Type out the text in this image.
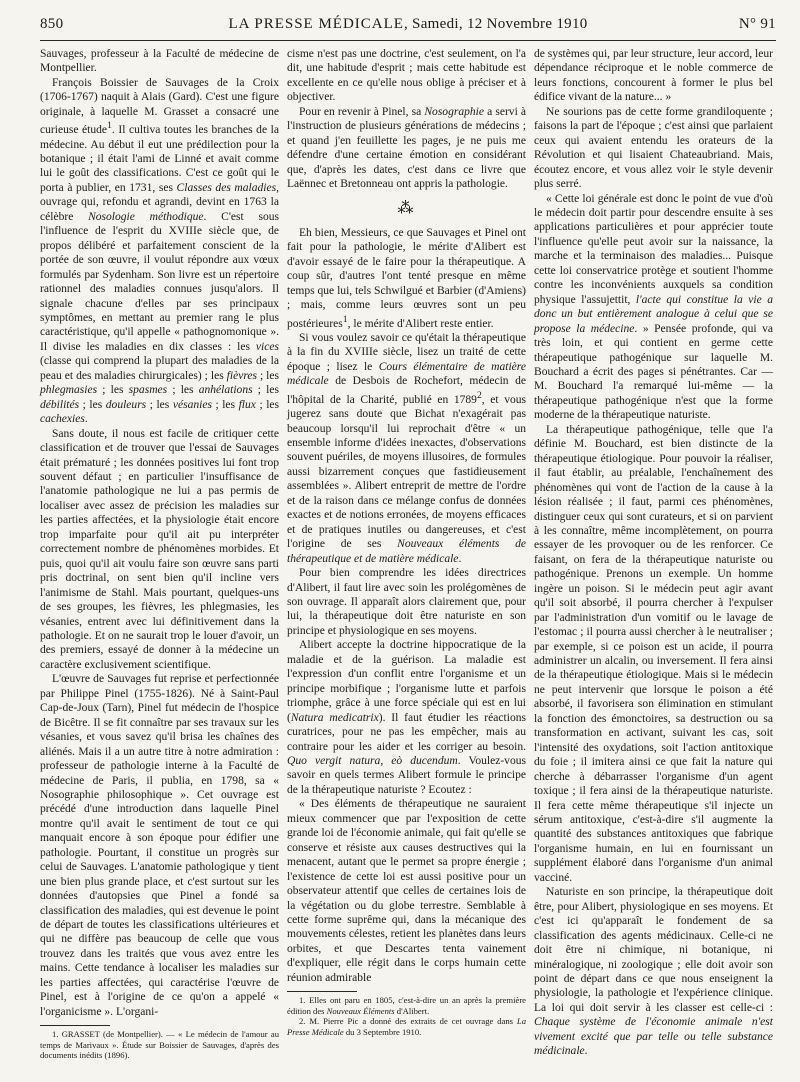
850	LA PRESSE MÉDICALE, Samedi, 12 Novembre 1910	N° 91

Sauvages, professeur à la Faculté de médecine de Montpellier.

François Boissier de Sauvages de la Croix (1706-1767) naquit à Alais (Gard). C'est une figure originale, à laquelle M. Grasset a consacré une curieuse étude$^1$. Il cultiva toutes les branches de la médecine. Au début il eut une prédilection pour la botanique ; il était l'ami de Linné et avait comme lui le goût des classifications. C'est ce goût qui le porta à publier, en 1731, ses Classes des maladies, ouvrage qui, refondu et agrandi, devint en 1763 la célèbre Nosologie méthodique. C'est sous l'influence de l'esprit du XVIIIe siècle que, de propos délibéré et parfaitement conscient de la portée de son œuvre, il voulut répondre aux vœux formulés par Sydenham. Son livre est un répertoire rationnel des maladies connues jusqu'alors. Il signale chacune d'elles par ses principaux symptômes, en mettant au premier rang le plus caractéristique, qu'il appelle « pathognomonique ». Il divise les maladies en dix classes : les vices (classe qui comprend la plupart des maladies de la peau et des maladies chirurgicales) ; les fièvres ; les phlegmasies ; les spasmes ; les anhélations ; les débilités ; les douleurs ; les vésanies ; les flux ; les cachexies.

Sans doute, il nous est facile de critiquer cette classification et de trouver que l'essai de Sauvages était prématuré ; les données positives lui font trop souvent défaut ; en particulier l'insuffisance de l'anatomie pathologique ne lui a pas permis de localiser avec assez de précision les maladies sur les parties affectées, et la physiologie était encore trop imparfaite pour qu'il ait pu interpréter correctement nombre de phénomènes morbides. Et puis, quoi qu'il ait voulu faire son œuvre sans parti pris doctrinal, on sent bien qu'il incline vers l'animisme de Stahl. Mais pourtant, quelques-uns de ses groupes, les fièvres, les phlegmasies, les vésanies, entrent avec lui définitivement dans la pathologie. Et on ne saurait trop le louer d'avoir, un des premiers, essayé de donner à la médecine un caractère exclusivement scientifique.

L'œuvre de Sauvages fut reprise et perfectionnée par Philippe Pinel (1755-1826). Né à Saint-Paul Cap-de-Joux (Tarn), Pinel fut médecin de l'hospice de Bicêtre. Il se fit connaître par ses travaux sur les vésanies, et vous savez qu'il brisa les chaînes des aliénés. Mais il a un autre titre à notre admiration : professeur de pathologie interne à la Faculté de médecine de Paris, il publia, en 1798, sa « Nosographie philosophique ». Cet ouvrage est précédé d'une introduction dans laquelle Pinel montre qu'il avait le sentiment de tout ce qui manquait encore à son époque pour édifier une pathologie. Pourtant, il constitue un progrès sur celui de Sauvages. L'anatomie pathologique y tient une bien plus grande place, et c'est surtout sur les données d'autopsies que Pinel a fondé sa classification des maladies, qui est devenue le point de départ de toutes les classifications ultérieures et qui ne diffère pas beaucoup de celle que vous trouvez dans les traités que vous avez entre les mains. Cette tendance à localiser les maladies sur les parties affectées, qui caractérise l'œuvre de Pinel, est à l'origine de ce qu'on a appelé « l'organicisme ». L'organi-

1. GRASSET (de Montpellier). — « Le médecin de l'amour au temps de Marivaux ». Étude sur Boissier de Sauvages, d'après des documents inédits (1896).

cisme n'est pas une doctrine, c'est seulement, on l'a dit, une habitude d'esprit ; mais cette habitude est excellente en ce qu'elle nous oblige à préciser et à objectiver.

Pour en revenir à Pinel, sa Nosographie a servi à l'instruction de plusieurs générations de médecins ; et quand j'en feuillette les pages, je ne puis me défendre d'une certaine émotion en considérant que, d'après les dates, c'est dans ce livre que Laënnec et Bretonneau ont appris la pathologie.

⁂

Eh bien, Messieurs, ce que Sauvages et Pinel ont fait pour la pathologie, le mérite d'Alibert est d'avoir essayé de le faire pour la thérapeutique. A coup sûr, d'autres l'ont tenté presque en même temps que lui, tels Schwilgué et Barbier (d'Amiens) ; mais, comme leurs œuvres sont un peu postérieures$^1$, le mérite d'Alibert reste entier.

Si vous voulez savoir ce qu'était la thérapeutique à la fin du XVIIIe siècle, lisez un traité de cette époque ; lisez le Cours élémentaire de matière médicale de Desbois de Rochefort, médecin de l'hôpital de la Charité, publié en 1789$^2$, et vous jugerez sans doute que Bichat n'exagérait pas beaucoup lorsqu'il lui reprochait d'être « un ensemble informe d'idées inexactes, d'observations souvent puériles, de moyens illusoires, de formules aussi bizarrement conçues que fastidieusement assemblées ». Alibert entreprit de mettre de l'ordre et de la raison dans ce mélange confus de données exactes et de notions erronées, de moyens efficaces et de pratiques inutiles ou dangereuses, et c'est l'origine de ses Nouveaux éléments de thérapeutique et de matière médicale.

Pour bien comprendre les idées directrices d'Alibert, il faut lire avec soin les prolégomènes de son ouvrage. Il apparaît alors clairement que, pour lui, la thérapeutique doit être naturiste en son principe et physiologique en ses moyens.

Alibert accepte la doctrine hippocratique de la maladie et de la guérison. La maladie est l'expression d'un conflit entre l'organisme et un principe morbifique ; l'organisme lutte et parfois triomphe, grâce à une force spéciale qui est en lui (Natura medicatrix). Il faut étudier les réactions curatrices, pour ne pas les empêcher, mais au contraire pour les aider et les corriger au besoin. Quo vergit natura, eò ducendum. Voulez-vous savoir en quels termes Alibert formule le principe de la thérapeutique naturiste ? Ecoutez :

« Des éléments de thérapeutique ne sauraient mieux commencer que par l'exposition de cette grande loi de l'économie animale, qui fait qu'elle se conserve et résiste aux causes destructives qui la menacent, autant que le permet sa propre énergie ; l'existence de cette loi est aussi positive pour un observateur attentif que celles de certaines lois de la végétation ou du globe terrestre. Semblable à cette forme suprême qui, dans la mécanique des mouvements célestes, retient les planètes dans leurs orbites, et que Descartes tenta vainement d'expliquer, elle régit dans le corps humain cette réunion admirable

1. Elles ont paru en 1805, c'est-à-dire un an après la première édition des Nouveaux Éléments d'Alibert.

2. M. Pierre Pic a donné des extraits de cet ouvrage dans La Presse Médicale du 3 Septembre 1910.

de systèmes qui, par leur structure, leur accord, leur dépendance réciproque et le noble commerce de leurs fonctions, concourent à former le plus bel édifice vivant de la nature... »

Ne sourions pas de cette forme grandiloquente ; faisons la part de l'époque ; c'est ainsi que parlaient ceux qui avaient entendu les orateurs de la Révolution et qui lisaient Chateaubriand. Mais, écoutez encore, et vous allez voir le style devenir plus serré.

« Cette loi générale est donc le point de vue d'où le médecin doit partir pour descendre ensuite à ses applications particulières et pour apprécier toute l'influence qu'elle peut avoir sur la naissance, la marche et la terminaison des maladies... Puisque cette loi conservatrice protège et soutient l'homme contre les inconvénients auxquels sa condition physique l'assujettit, l'acte qui constitue la vie a donc un but entièrement analogue à celui que se propose la médecine. » Pensée profonde, qui va très loin, et qui contient en germe cette thérapeutique pathogénique sur laquelle M. Bouchard a écrit des pages si pénétrantes. Car — M. Bouchard l'a remarqué lui-même — la thérapeutique pathogénique n'est que la forme moderne de la thérapeutique naturiste.

La thérapeutique pathogénique, telle que l'a définie M. Bouchard, est bien distincte de la thérapeutique étiologique. Pour pouvoir la réaliser, il faut établir, au préalable, l'enchaînement des phénomènes qui vont de l'action de la cause à la lésion réalisée ; il faut, parmi ces phénomènes, distinguer ceux qui sont curateurs, et si on parvient à les connaître, même incomplètement, on pourra essayer de les provoquer ou de les renforcer. Ce faisant, on fera de la thérapeutique naturiste ou pathogénique. Prenons un exemple. Un homme ingère un poison. Si le médecin peut agir avant qu'il soit absorbé, il pourra chercher à l'expulser par l'administration d'un vomitif ou le lavage de l'estomac ; il pourra aussi chercher à le neutraliser ; par exemple, si ce poison est un acide, il pourra administrer un alcalin, ou inversement. Il fera ainsi de la thérapeutique étiologique. Mais si le médecin ne peut intervenir que lorsque le poison a été absorbé, il favorisera son élimination en stimulant la fonction des émonctoires, sa destruction ou sa transformation en activant, suivant les cas, soit l'intensité des oxydations, soit l'action antitoxique du foie ; il imitera ainsi ce que fait la nature qui cherche à débarrasser l'organisme d'un agent toxique ; il fera ainsi de la thérapeutique naturiste. Il fera cette même thérapeutique s'il injecte un sérum antitoxique, c'est-à-dire s'il augmente la quantité des substances antitoxiques que fabrique l'organisme humain, en lui en fournissant un supplément élaboré dans l'organisme d'un animal vacciné.

Naturiste en son principe, la thérapeutique doit être, pour Alibert, physiologique en ses moyens. Et c'est ici qu'apparaît le fondement de sa classification des agents médicinaux. Celle-ci ne doit être ni chimique, ni botanique, ni minéralogique, ni zoologique ; elle doit avoir son point de départ dans ce que nous enseignent la physiologie, la pathologie et l'expérience clinique. La loi qui doit servir à les classer est celle-ci : Chaque système de l'économie animale n'est vivement excité que par telle ou telle substance médicinale.
